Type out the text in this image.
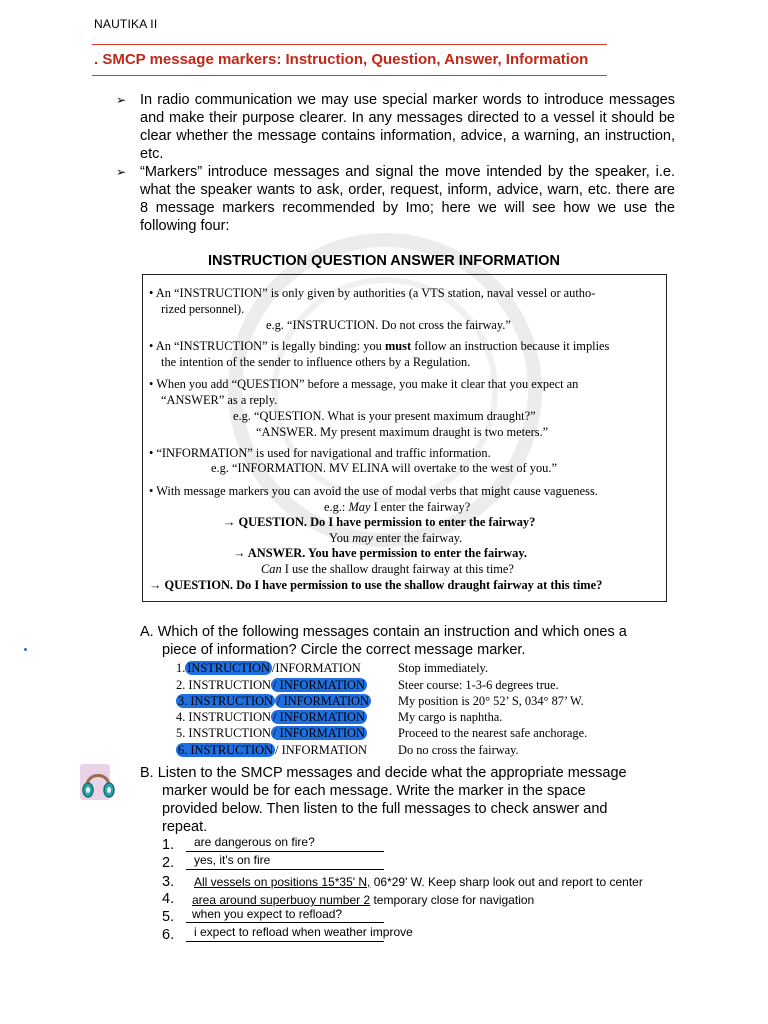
NAUTIKA II
. SMCP message markers: Instruction, Question, Answer, Information
➢ In radio communication we may use special marker words to introduce messages and make their purpose clearer. In any messages directed to a vessel it should be clear whether the message contains information, advice, a warning, an instruction, etc.
➢ “Markers” introduce messages and signal the move intended by the speaker, i.e. what the speaker wants to ask, order, request, inform, advice, warn, etc. there are 8 message markers recommended by Imo; here we will see how we use the following four:
INSTRUCTION QUESTION ANSWER INFORMATION

• An “INSTRUCTION” is only given by authorities (a VTS station, naval vessel or autho-

rized personnel).

e.g. “INSTRUCTION. Do not cross the fairway.”

• An “INSTRUCTION” is legally binding: you must follow an instruction because it implies

the intention of the sender to influence others by a Regulation.

• When you add “QUESTION” before a message, you make it clear that you expect an

“ANSWER” as a reply.

e.g. “QUESTION. What is your present maximum draught?”

“ANSWER. My present maximum draught is two meters.”

• “INFORMATION” is used for navigational and traffic information.

e.g. “INFORMATION. MV ELINA will overtake to the west of you.”

• With message markers you can avoid the use of modal verbs that might cause vagueness.

e.g.: May I enter the fairway?

→ QUESTION. Do I have permission to enter the fairway?

You may enter the fairway.

→ ANSWER. You have permission to enter the fairway.

Can I use the shallow draught fairway at this time?

→ QUESTION. Do I have permission to use the shallow draught fairway at this time?

A. Which of the following messages contain an instruction and which ones a
piece of information? Circle the correct message marker.
1. INSTRUCTION /INFORMATION	Stop immediately.
2. INSTRUCTION / INFORMATION	Steer course: 1-3-6 degrees true.
3. INSTRUCTION / INFORMATION My position is 20° 52’ S, 034° 87’ W.
4. INSTRUCTION / INFORMATION	My cargo is naphtha.
5. INSTRUCTION / INFORMATION	Proceed to the nearest safe anchorage.
6. INSTRUCTION / INFORMATION	Do no cross the fairway.
B. Listen to the SMCP messages and decide what the appropriate message
marker would be for each message. Write the marker in the space
provided below. Then listen to the full messages to check answer and
repeat.
1. are dangerous on fire?
2. yes, it's on fire
3. All vessels on positions 15*35' N, 06*29' W. Keep sharp look out and report to center
4. area around superbuoy number 2 temporary close for navigation
5. when you expect to refload?
6. i expect to refload when weather improve
